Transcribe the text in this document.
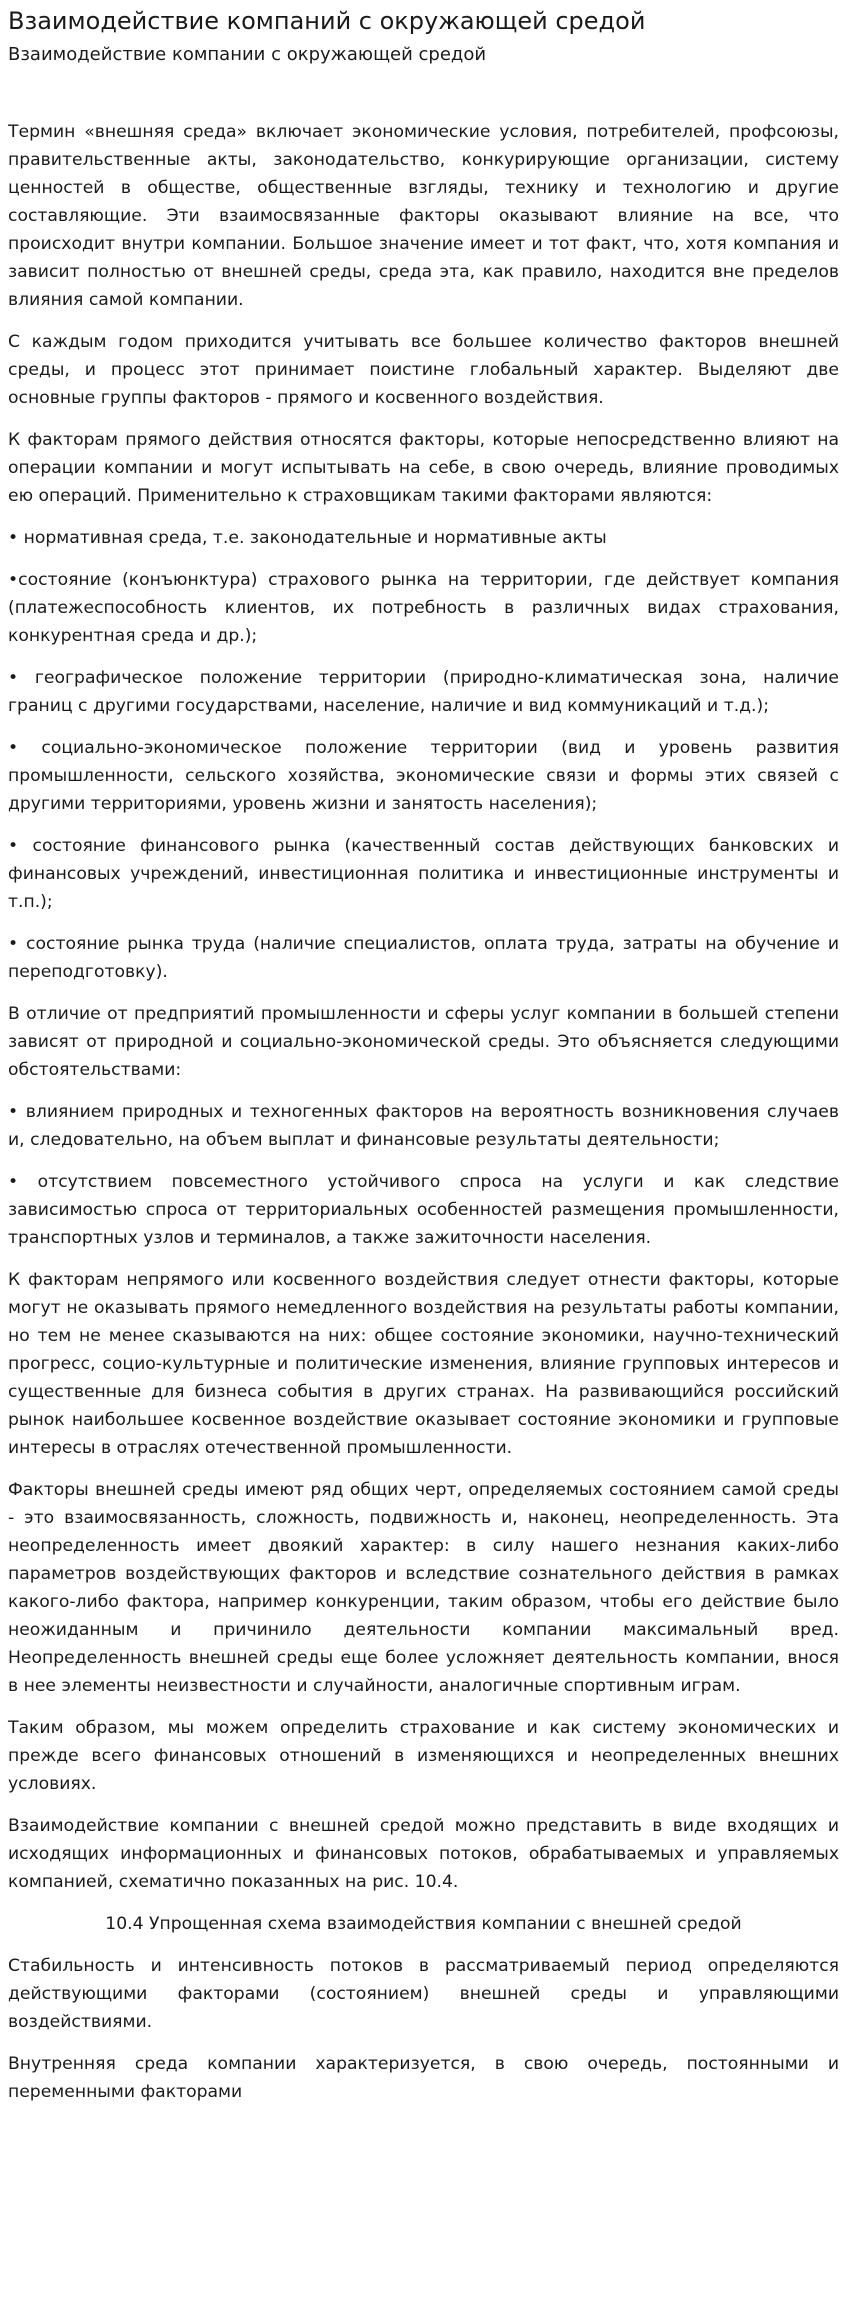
Взаимодействие компаний с окружающей средой
Взаимодействие компании с окружающей средой

Термин «внешняя среда» включает экономические условия, потребителей, профсоюзы, правительственные акты, законодательство, конкурирующие организации, систему ценностей в обществе, общественные взгляды, технику и технологию и другие составляющие. Эти взаимосвязанные факторы оказывают влияние на все, что происходит внутри компании. Большое значение имеет и тот факт, что, хотя компания и зависит полностью от внешней среды, среда эта, как правило, находится вне пределов влияния самой компании.

С каждым годом приходится учитывать все большее количество факторов внешней среды, и процесс этот принимает поистине глобальный характер. Выделяют две основные группы факторов - прямого и косвенного воздействия.

К факторам прямого действия относятся факторы, которые непосредственно влияют на операции компании и могут испытывать на себе, в свою очередь, влияние проводимых ею операций. Применительно к страховщикам такими факторами являются:

• нормативная среда, т.е. законодательные и нормативные акты

•состояние (конъюнктура) страхового рынка на территории, где действует компания (платежеспособность клиентов, их потребность в различных видах страхования, конкурентная среда и др.);

• географическое положение территории (природно-климатическая зона, наличие границ с другими государствами, население, наличие и вид коммуникаций и т.д.);

• социально-экономическое положение территории (вид и уровень развития промышленности, сельского хозяйства, экономические связи и формы этих связей с другими территориями, уровень жизни и занятость населения);

• состояние финансового рынка (качественный состав действующих банковских и финансовых учреждений, инвестиционная политика и инвестиционные инструменты и т.п.);

• состояние рынка труда (наличие специалистов, оплата труда, затраты на обучение и переподготовку).

В отличие от предприятий промышленности и сферы услуг компании в большей степени зависят от природной и социально-экономической среды. Это объясняется следующими обстоятельствами:

• влиянием природных и техногенных факторов на вероятность возникновения случаев и, следовательно, на объем выплат и финансовые результаты деятельности;

• отсутствием повсеместного устойчивого спроса на услуги и как следствие зависимостью спроса от территориальных особенностей размещения промышленности, транспортных узлов и терминалов, а также зажиточности населения.

К факторам непрямого или косвенного воздействия следует отнести факторы, которые могут не оказывать прямого немедленного воздействия на результаты работы компании, но тем не менее сказываются на них: общее состояние экономики, научно-технический прогресс, социо-культурные и политические изменения, влияние групповых интересов и существенные для бизнеса события в других странах. На развивающийся российский рынок наибольшее косвенное воздействие оказывает состояние экономики и групповые интересы в отраслях отечественной промышленности.

Факторы внешней среды имеют ряд общих черт, определяемых состоянием самой среды - это взаимосвязанность, сложность, подвижность и, наконец, неопределенность. Эта неопределенность имеет двоякий характер: в силу нашего незнания каких-либо параметров воздействующих факторов и вследствие сознательного действия в рамках какого-либо фактора, например конкуренции, таким образом, чтобы его действие было неожиданным и причинило деятельности компании максимальный вред. Неопределенность внешней среды еще более усложняет деятельность компании, внося в нее элементы неизвестности и случайности, аналогичные спортивным играм.

Таким образом, мы можем определить страхование и как систему экономических и прежде всего финансовых отношений в изменяющихся и неопределенных внешних условиях.

Взаимодействие компании с внешней средой можно представить в виде входящих и исходящих информационных и финансовых потоков, обрабатываемых и управляемых компанией, схематично показанных на рис. 10.4.

10.4 Упрощенная схема взаимодействия компании с внешней средой

Стабильность и интенсивность потоков в рассматриваемый период определяются действующими факторами (состоянием) внешней среды и управляющими воздействиями.

Внутренняя среда компании характеризуется, в свою очередь, постоянными и переменными факторами
